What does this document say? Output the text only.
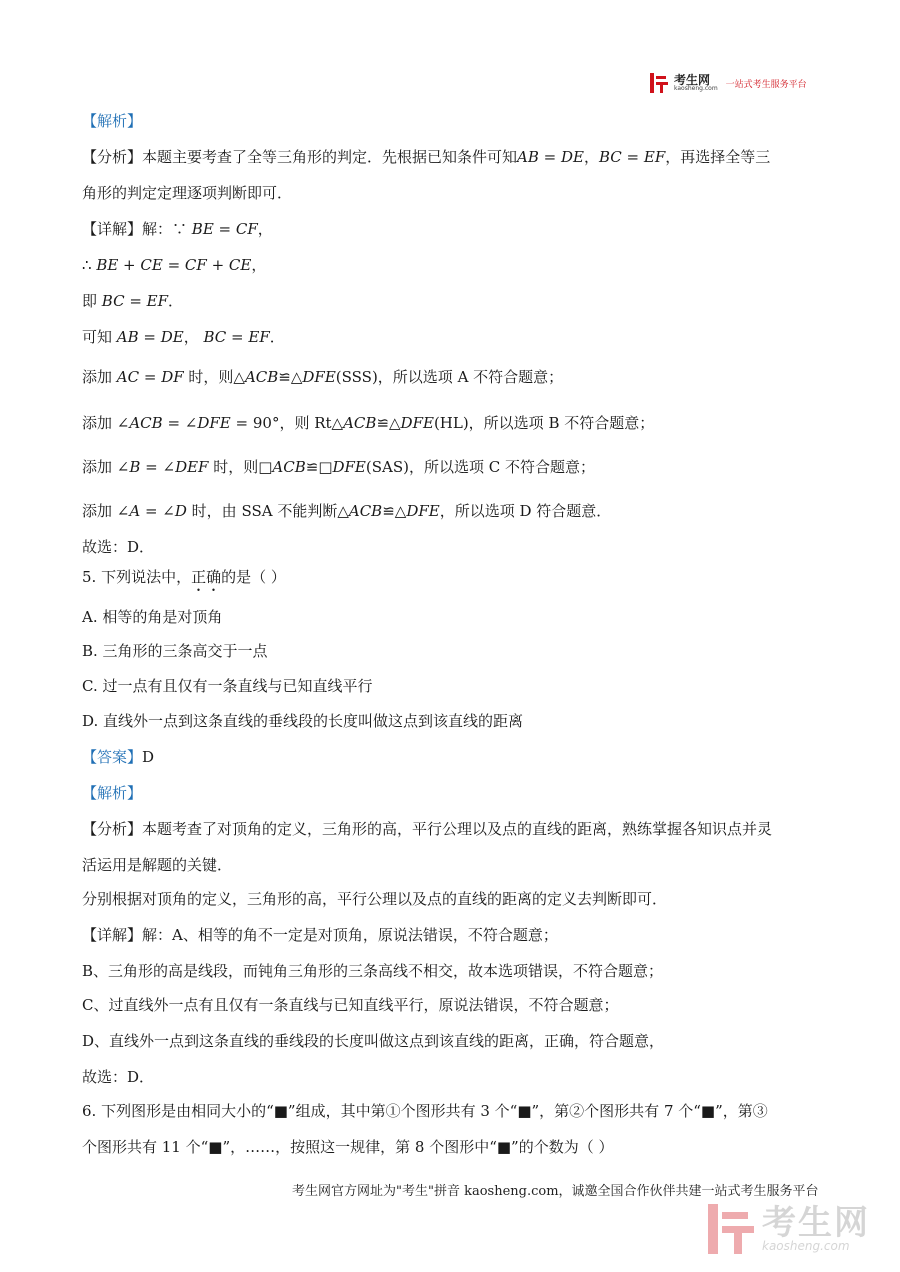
考生网
kaosheng.com 一站式考生服务平台
【解析】
【分析】本题主要考查了全等三角形的判定．先根据已知条件可知AB = DE，BC = EF，再选择全等三
角形的判定定理逐项判断即可．
【详解】解：∵ BE = CF，
∴ BE + CE = CF + CE，
即 BC = EF．
可知 AB = DE， BC = EF．
添加 AC = DF 时，则△ACB≌△DFE(SSS)，所以选项 A 不符合题意；
添加 ∠ACB = ∠DFE = 90°，则 Rt△ACB≌△DFE(HL)，所以选项 B 不符合题意；
添加 ∠B = ∠DEF 时，则□ACB≌□DFE(SAS)，所以选项 C 不符合题意；
添加 ∠A = ∠D 时，由 SSA 不能判断△ACB≌△DFE，所以选项 D 符合题意．
故选：D．
5. 下列说法中，正确的是（ ）
A. 相等的角是对顶角
B. 三角形的三条高交于一点
C. 过一点有且仅有一条直线与已知直线平行
D. 直线外一点到这条直线的垂线段的长度叫做这点到该直线的距离
【答案】D
【解析】
【分析】本题考查了对顶角的定义，三角形的高，平行公理以及点的直线的距离，熟练掌握各知识点并灵
活运用是解题的关键．
分别根据对顶角的定义，三角形的高，平行公理以及点的直线的距离的定义去判断即可．
【详解】解：A、相等的角不一定是对顶角，原说法错误，不符合题意；
B、三角形的高是线段，而钝角三角形的三条高线不相交，故本选项错误，不符合题意；
C、过直线外一点有且仅有一条直线与已知直线平行，原说法错误，不符合题意；
D、直线外一点到这条直线的垂线段的长度叫做这点到该直线的距离，正确，符合题意，
故选：D．
6. 下列图形是由相同大小的“■”组成，其中第①个图形共有 3 个“■”，第②个图形共有 7 个“■”，第③
个图形共有 11 个“■”，……，按照这一规律，第 8 个图形中“■”的个数为（ ）
考生网官方网址为"考生"拼音 kaosheng.com，诚邀全国合作伙伴共建一站式考生服务平台
考生网
kaosheng.com
